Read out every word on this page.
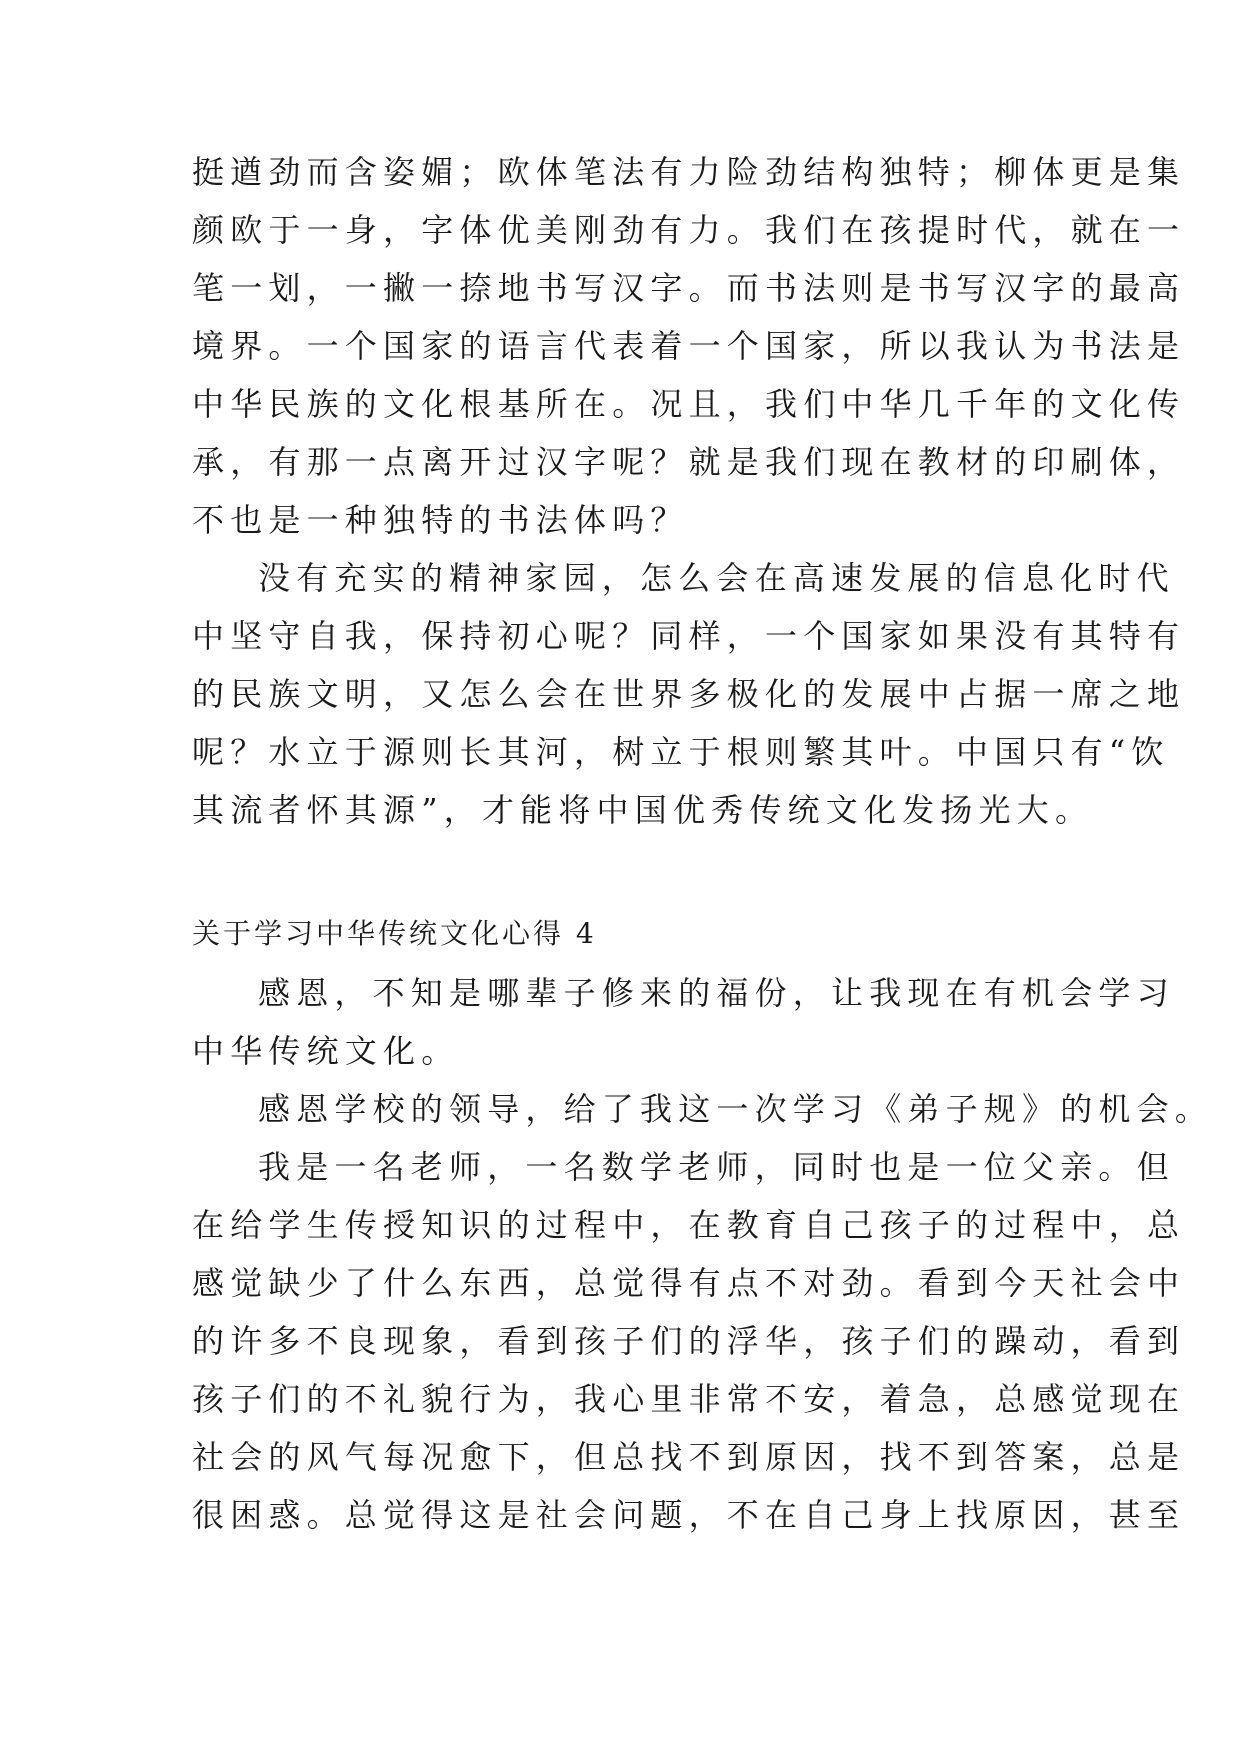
挺遒劲而含姿媚；欧体笔法有力险劲结构独特；柳体更是集
颜欧于一身，字体优美刚劲有力。我们在孩提时代，就在一
笔一划，一撇一捺地书写汉字。而书法则是书写汉字的最高
境界。一个国家的语言代表着一个国家，所以我认为书法是
中华民族的文化根基所在。况且，我们中华几千年的文化传
承，有那一点离开过汉字呢？就是我们现在教材的印刷体，
不也是一种独特的书法体吗？
没有充实的精神家园，怎么会在高速发展的信息化时代
中坚守自我，保持初心呢？同样，一个国家如果没有其特有
的民族文明，又怎么会在世界多极化的发展中占据一席之地
呢？水立于源则长其河，树立于根则繁其叶。中国只有“饮
其流者怀其源”，才能将中国优秀传统文化发扬光大。
关于学习中华传统文化心得 4
感恩，不知是哪辈子修来的福份，让我现在有机会学习
中华传统文化。
感恩学校的领导，给了我这一次学习《弟子规》的机会。
我是一名老师，一名数学老师，同时也是一位父亲。但
在给学生传授知识的过程中，在教育自己孩子的过程中，总
感觉缺少了什么东西，总觉得有点不对劲。看到今天社会中
的许多不良现象，看到孩子们的浮华，孩子们的躁动，看到
孩子们的不礼貌行为，我心里非常不安，着急，总感觉现在
社会的风气每况愈下，但总找不到原因，找不到答案，总是
很困惑。总觉得这是社会问题，不在自己身上找原因，甚至
